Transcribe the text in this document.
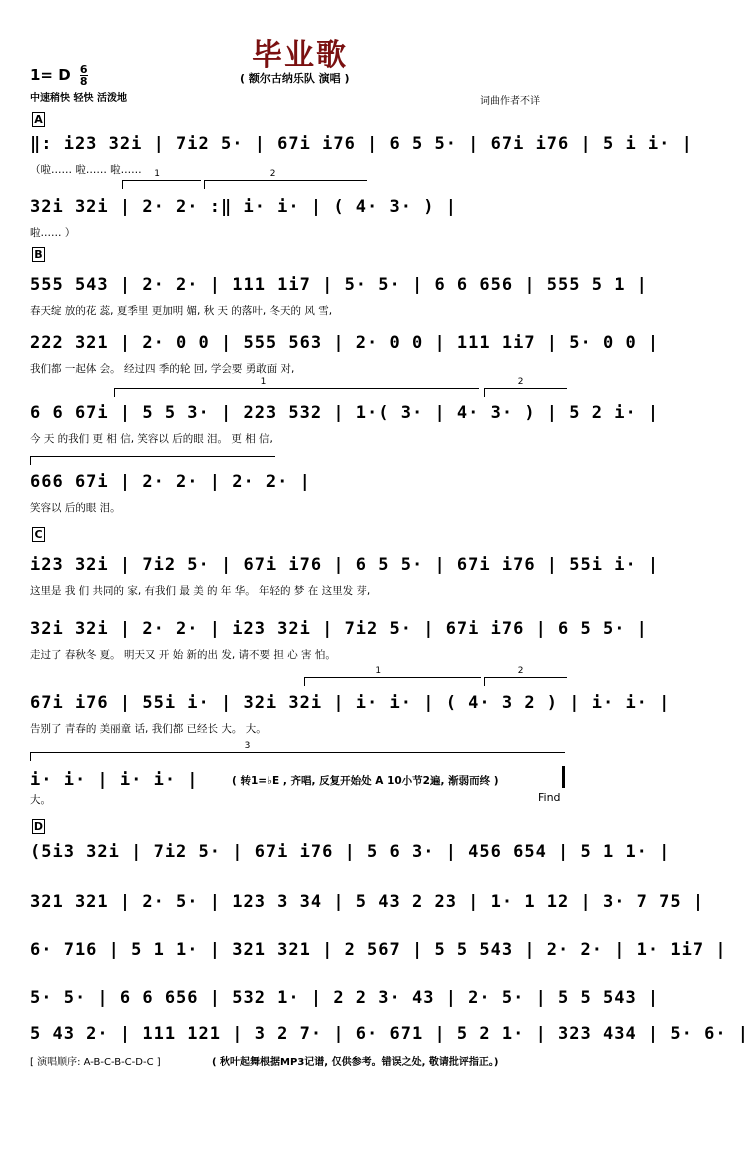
毕业歌
1= D $\frac{6}{8}$	( 额尔古纳乐队 演唱 )
中速稍快 轻快 活泼地	词曲作者不详
A
B
C
D
‖: i23 32i | 7i2 5· | 67i i76 | 6 5 5· | 67i i76 | 5 i i· |
（啦…… 啦…… 啦……
32i 32i | 2· 2· :‖ i· i· | ( 4· 3· ) |
啦…… ）
1	2
555 543 | 2· 2· | 111 1i7 | 5· 5· | 6 6 656 | 555 5 1 |
春天绽 放的花 蕊, 夏季里 更加明 媚, 秋 天 的落叶, 冬天的 风 雪,
222 321 | 2· 0 0 | 555 563 | 2· 0 0 | 111 1i7 | 5· 0 0 |
我们都 一起体 会。 经过四 季的轮 回, 学会要 勇敢面 对,
1	2
6 6 67i | 5 5 3· | 223 532 | 1·( 3· | 4· 3· ) | 5 2 i· |
今 天 的我们 更 相 信, 笑容以 后的眼 泪。 更 相 信,
666 67i | 2· 2· | 2· 2· |
笑容以 后的眼 泪。
i23 32i | 7i2 5· | 67i i76 | 6 5 5· | 67i i76 | 55i i· |
这里是 我 们 共同的 家, 有我们 最 美 的 年 华。 年轻的 梦 在 这里发 芽,
32i 32i | 2· 2· | i23 32i | 7i2 5· | 67i i76 | 6 5 5· |
走过了 春秋冬 夏。 明天又 开 始 新的出 发, 请不要 担 心 害 怕。
1	2
67i i76 | 55i i· | 32i 32i | i· i· | ( 4· 3 2 ) | i· i· |
告别了 青春的 美丽童 话, 我们都 已经长 大。 大。
3
i· i· | i· i· |
大。
( 转1=♭E , 齐唱, 反复开始处 A 10小节2遍, 渐弱而终 )
Find
(5i3 32i | 7i2 5· | 67i i76 | 5 6 3· | 456 654 | 5 1 1· |
321 321 | 2· 5· | 123 3 34 | 5 43 2 23 | 1· 1 12 | 3· 7 75 |
6· 716 | 5 1 1· | 321 321 | 2 567 | 5 5 543 | 2· 2· | 1· 1i7 |
5· 5· | 6 6 656 | 532 1· | 2 2 3· 43 | 2· 5· | 5 5 543 |
5 43 2· | 111 121 | 3 2 7· | 6· 671 | 5 2 1· | 323 434 | 5· 6· |
[ 演唱顺序: A-B-C-B-C-D-C ]	( 秋叶起舞根据MP3记谱, 仅供参考。错误之处, 敬请批评指正。)
